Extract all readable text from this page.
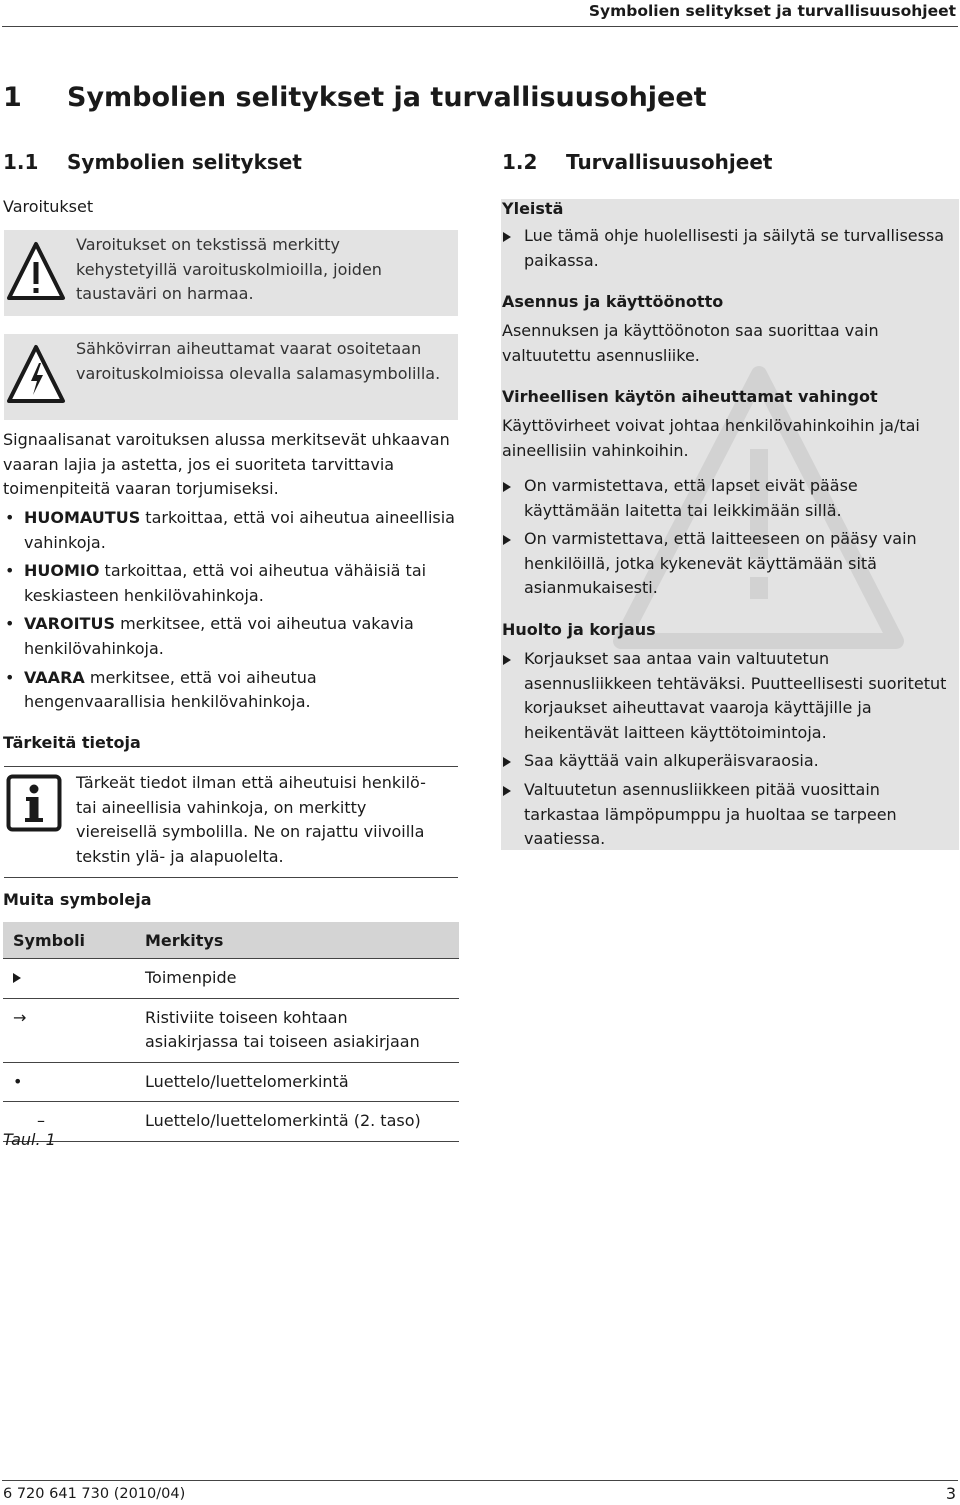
Symbolien selitykset ja turvallisuusohjeet
1 Symbolien selitykset ja turvallisuusohjeet
1.1 Symbolien selitykset
Varoitukset
Varoitukset on tekstissä merkitty kehystetyillä varoituskolmioilla, joiden taustaväri on harmaa.
Sähkövirran aiheuttamat vaarat osoitetaan varoituskolmioissa olevalla salamasymbolilla.
Signaalisanat varoituksen alussa merkitsevät uhkaavan vaaran lajia ja astetta, jos ei suoriteta tarvittavia toimenpiteitä vaaran torjumiseksi.
• HUOMAUTUS tarkoittaa, että voi aiheutua aineellisia vahinkoja.
• HUOMIO tarkoittaa, että voi aiheutua vähäisiä tai keskiasteen henkilövahinkoja.
• VAROITUS merkitsee, että voi aiheutua vakavia henkilövahinkoja.
• VAARA merkitsee, että voi aiheutua hengenvaarallisia henkilövahinkoja.
Tärkeitä tietoja
Tärkeät tiedot ilman että aiheutuisi henkilö- tai aineellisia vahinkoja, on merkitty viereisellä symbolilla. Ne on rajattu viivoilla tekstin ylä- ja alapuolelta.
Muita symboleja
Symboli	Merkitys
	Toimenpide
→	Ristiviite toiseen kohtaan asiakirjassa tai toiseen asiakirjaan
•	Luettelo/luettelomerkintä
–	Luettelo/luettelomerkintä (2. taso)
Taul. 1
1.2 Turvallisuusohjeet
Yleistä
Lue tämä ohje huolellisesti ja säilytä se turvallisessa paikassa.
Asennus ja käyttöönotto
Asennuksen ja käyttöönoton saa suorittaa vain valtuutettu asennusliike.
Virheellisen käytön aiheuttamat vahingot
Käyttövirheet voivat johtaa henkilövahinkoihin ja/tai aineellisiin vahinkoihin.
On varmistettava, että lapset eivät pääse käyttämään laitetta tai leikkimään sillä.
On varmistettava, että laitteeseen on pääsy vain henkilöillä, jotka kykenevät käyttämään sitä asianmukaisesti.
Huolto ja korjaus
Korjaukset saa antaa vain valtuutetun asennusliikkeen tehtäväksi. Puutteellisesti suoritetut korjaukset aiheuttavat vaaroja käyttäjille ja heikentävät laitteen käyttötoimintoja.
Saa käyttää vain alkuperäisvaraosia.
Valtuutetun asennusliikkeen pitää vuosittain tarkastaa lämpöpumppu ja huoltaa se tarpeen vaatiessa.
6 720 641 730 (2010/04)	3
